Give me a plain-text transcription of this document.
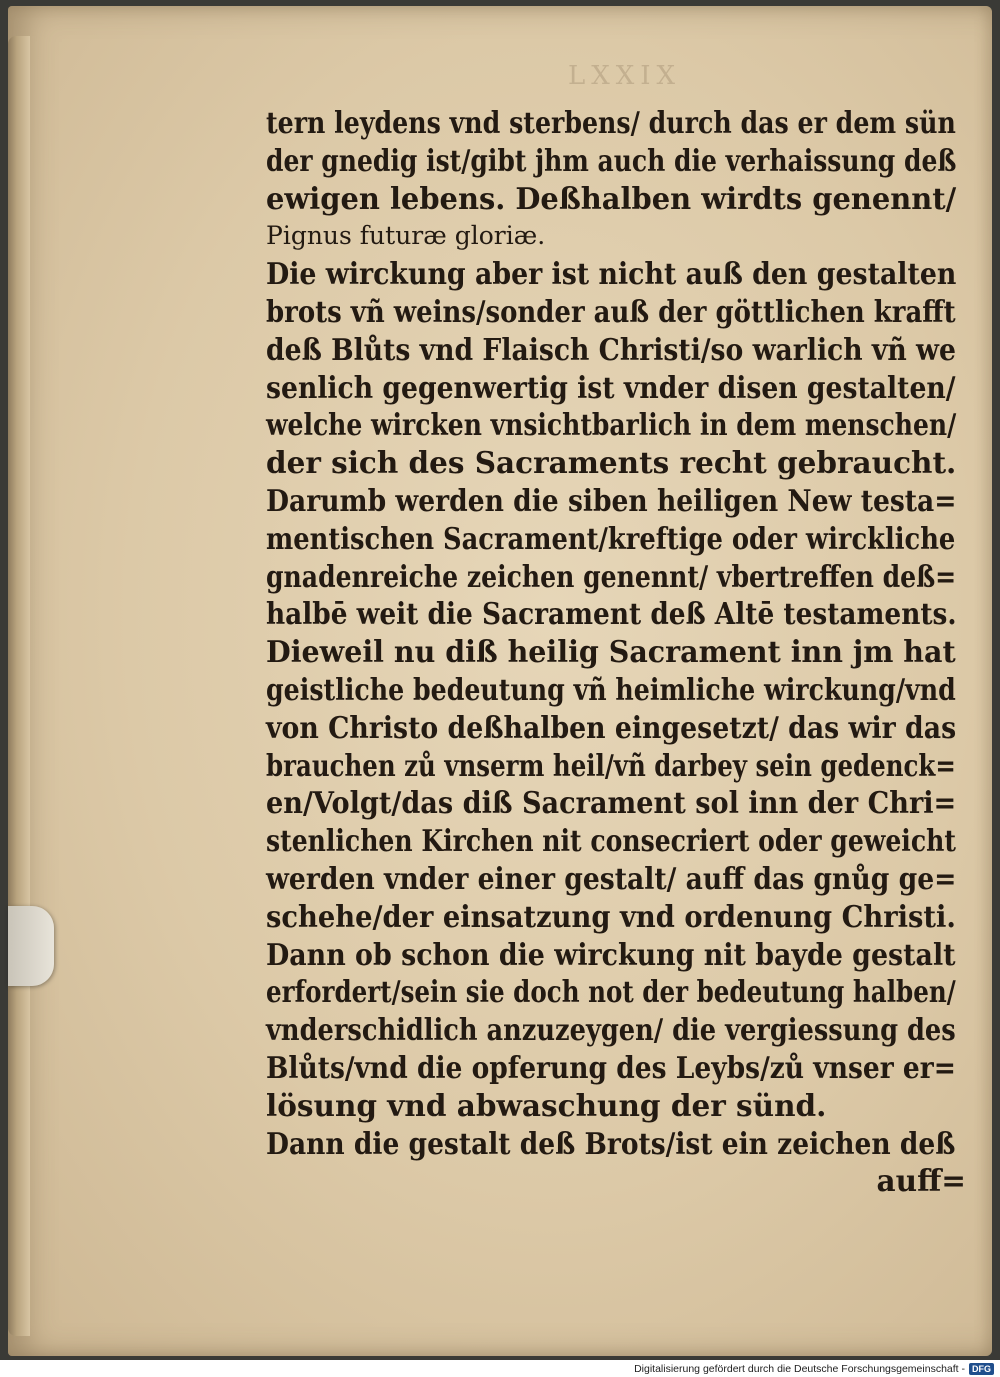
LXXIX
tern leydens vnd sterbens/ durch das er dem sün
der gnedig ist/gibt jhm auch die verhaissung deß
ewigen lebens. Deßhalben wirdts genennt/
Pignus futuræ gloriæ.
Die wirckung aber ist nicht auß den gestalten
brots vñ weins/sonder auß der göttlichen krafft
deß Blůts vnd Flaisch Christi/so warlich vñ we
senlich gegenwertig ist vnder disen gestalten/
welche wircken vnsichtbarlich in dem menschen/
der sich des Sacraments recht gebraucht.
Darumb werden die siben heiligen New testa=
mentischen Sacrament/kreftige oder wirckliche
gnadenreiche zeichen genennt/ vbertreffen deß=
halbē weit die Sacrament deß Altē testaments.
Dieweil nu diß heilig Sacrament inn jm hat
geistliche bedeutung vñ heimliche wirckung/vnd
von Christo deßhalben eingesetzt/ das wir das
brauchen zů vnserm heil/vñ darbey sein gedenck=
en/Volgt/das diß Sacrament sol inn der Chri=
stenlichen Kirchen nit consecriert oder geweicht
werden vnder einer gestalt/ auff das gnůg ge=
schehe/der einsatzung vnd ordenung Christi.
Dann ob schon die wirckung nit bayde gestalt
erfordert/sein sie doch not der bedeutung halben/
vnderschidlich anzuzeygen/ die vergiessung des
Blůts/vnd die opferung des Leybs/zů vnser er=
lösung vnd abwaschung der sünd.
Dann die gestalt deß Brots/ist ein zeichen deß
auff=
Digitalisierung gefördert durch die Deutsche Forschungsgemeinschaft - DFG
